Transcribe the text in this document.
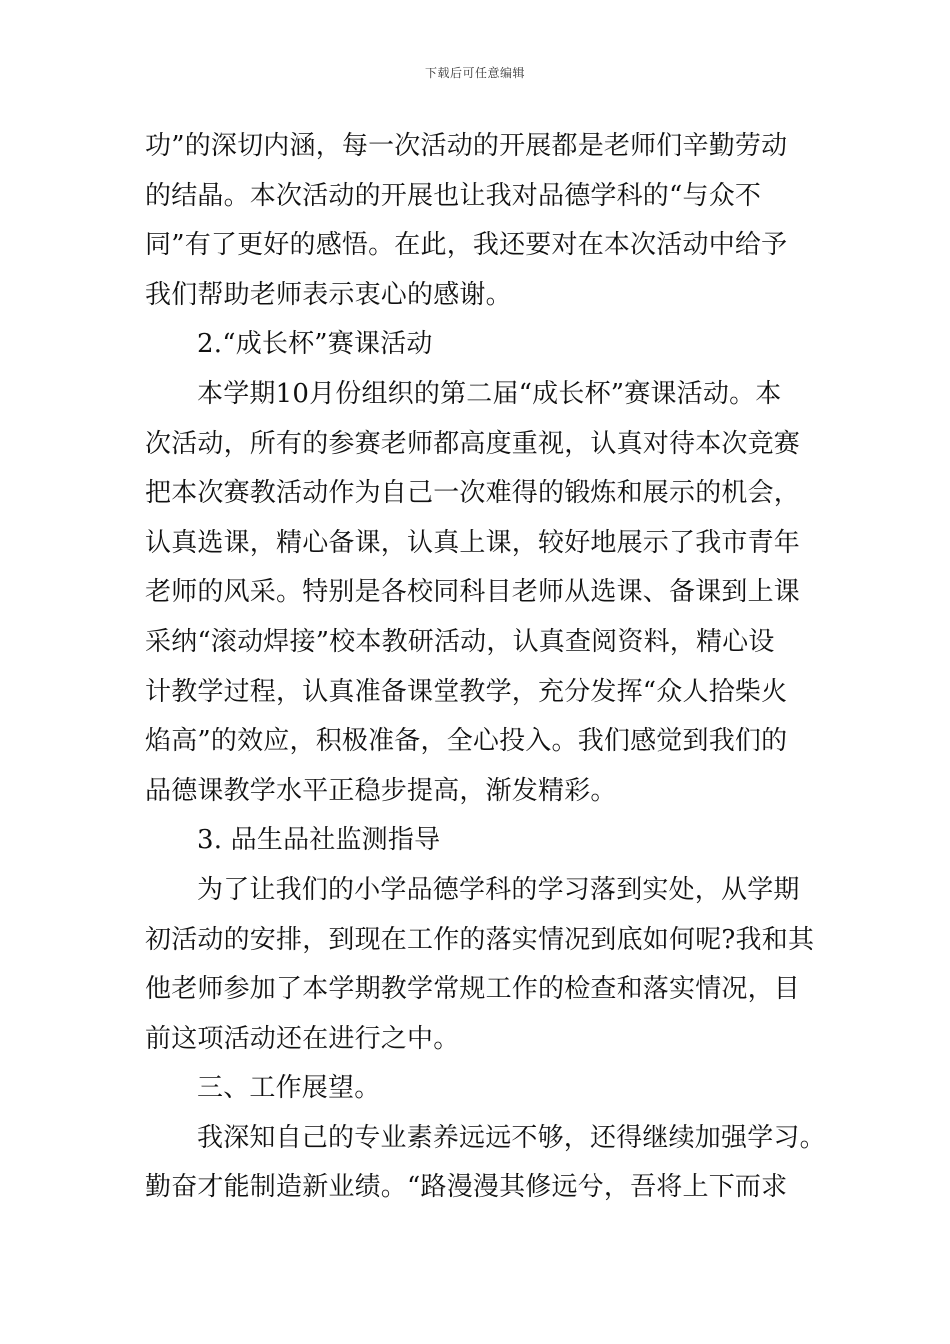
下载后可任意编辑
功”的深切内涵，每一次活动的开展都是老师们辛勤劳动
的结晶。本次活动的开展也让我对品德学科的“与众不
同”有了更好的感悟。在此，我还要对在本次活动中给予
我们帮助老师表示衷心的感谢。
2.“成长杯”赛课活动
本学期10月份组织的第二届“成长杯”赛课活动。本
次活动，所有的参赛老师都高度重视，认真对待本次竞赛
把本次赛教活动作为自己一次难得的锻炼和展示的机会，
认真选课，精心备课，认真上课，较好地展示了我市青年
老师的风采。特别是各校同科目老师从选课、备课到上课
采纳“滚动焊接”校本教研活动，认真查阅资料，精心设
计教学过程，认真准备课堂教学，充分发挥“众人拾柴火
焰高”的效应，积极准备，全心投入。我们感觉到我们的
品德课教学水平正稳步提高，渐发精彩。
3. 品生品社监测指导
为了让我们的小学品德学科的学习落到实处，从学期
初活动的安排，到现在工作的落实情况到底如何呢?我和其
他老师参加了本学期教学常规工作的检查和落实情况，目
前这项活动还在进行之中。
三、工作展望。
我深知自己的专业素养远远不够，还得继续加强学习。
勤奋才能制造新业绩。“路漫漫其修远兮，吾将上下而求
